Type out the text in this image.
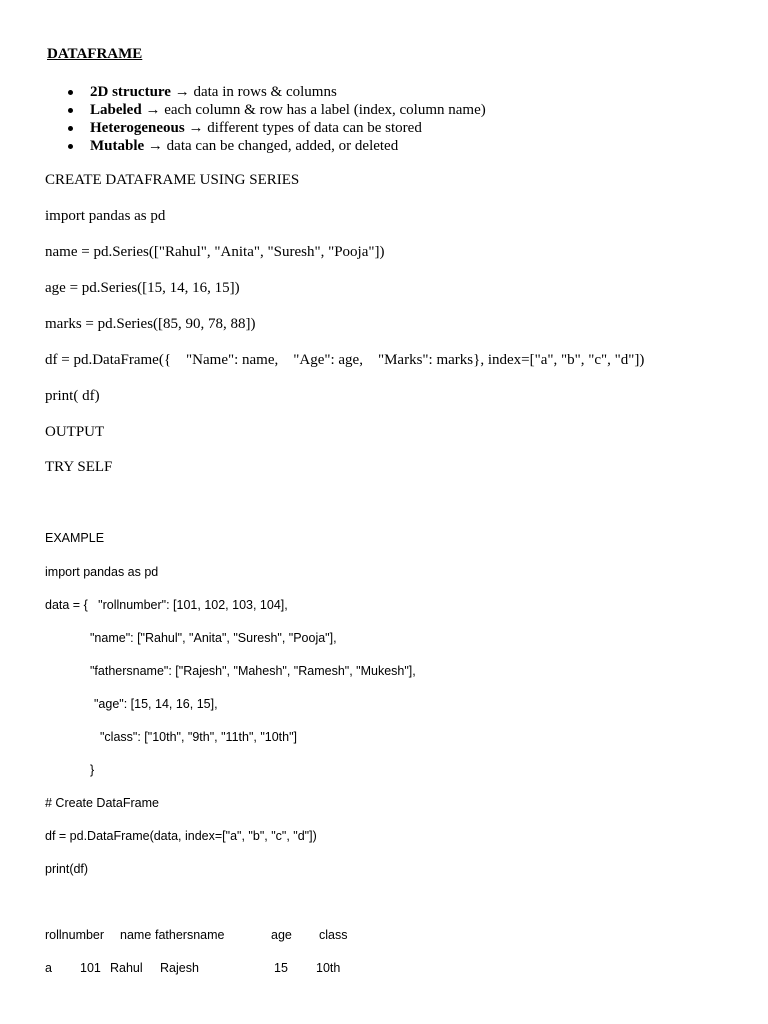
DATAFRAME
2D structure → data in rows & columns
Labeled → each column & row has a label (index, column name)
Heterogeneous → different types of data can be stored
Mutable → data can be changed, added, or deleted
CREATE DATAFRAME USING SERIES
import pandas as pd
name = pd.Series(["Rahul", "Anita", "Suresh", "Pooja"])
age = pd.Series([15, 14, 16, 15])
marks = pd.Series([85, 90, 78, 88])
df = pd.DataFrame({    "Name": name,    "Age": age,    "Marks": marks}, index=["a", "b", "c", "d"])
print( df)
OUTPUT
TRY SELF
EXAMPLE
import pandas as pd
data = {   "rollnumber": [101, 102, 103, 104],
"name": ["Rahul", "Anita", "Suresh", "Pooja"],
"fathersname": ["Rajesh", "Mahesh", "Ramesh", "Mukesh"],
"age": [15, 14, 16, 15],
"class": ["10th", "9th", "11th", "10th"]
}
# Create DataFrame
df = pd.DataFrame(data, index=["a", "b", "c", "d"])
print(df)
rollnumber name fathersname	age class
a 101 Rahul Rajesh	15 10th
